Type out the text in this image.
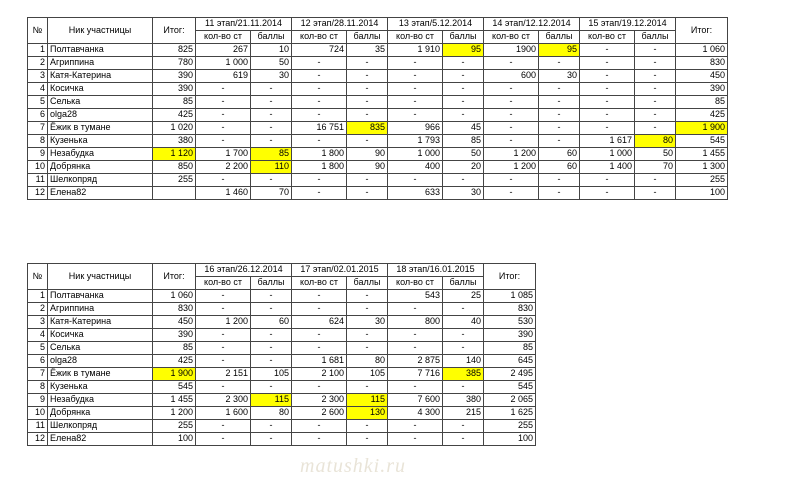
№	Ник участницы	Итог:	11 этап/21.11.2014		12 этап/28.11.2014		13 этап/5.12.2014		14 этап/12.12.2014		15 этап/19.12.2014		Итог:
			кол-во ст	баллы	кол-во ст	баллы	кол-во ст	баллы	кол-во ст	баллы	кол-во ст	баллы	
1	Полтавчанка	825	267	10	724	35	1 910	95	1900	95	-	-	1 060
2	Агриппина	780	1 000	50	-	-	-	-	-	-	-	-	830
3	Катя-Катерина	390	619	30	-	-	-	-	600	30	-	-	450
4	Косичка	390	-	-	-	-	-	-	-	-	-	-	390
5	Селька	85	-	-	-	-	-	-	-	-	-	-	85
6	olga28	425	-	-	-	-	-	-	-	-	-	-	425
7	Ёжик в тумане	1 020	-	-	16 751	835	966	45	-	-	-	-	1 900
8	Кузенька	380	-	-	-	-	1 793	85	-	-	1 617	80	545
9	Незабудка	1 120	1 700	85	1 800	90	1 000	50	1 200	60	1 000	50	1 455
10	Добрянка	850	2 200	110	1 800	90	400	20	1 200	60	1 400	70	1 300
11	Шелкопряд	255	-	-	-	-	-	-	-	-	-	-	255
12	Елена82		1 460	70	-	-	633	30	-	-	-	-	100
№	Ник участницы	Итог:	16 этап/26.12.2014		17 этап/02.01.2015		18 этап/16.01.2015		Итог:
			кол-во ст	баллы	кол-во ст	баллы	кол-во ст	баллы	
1	Полтавчанка	1 060	-	-	-	-	543	25	1 085
2	Агриппина	830	-	-	-	-	-	-	830
3	Катя-Катерина	450	1 200	60	624	30	800	40	530
4	Косичка	390	-	-	-	-	-	-	390
5	Селька	85	-	-	-	-	-	-	85
6	olga28	425	-	-	1 681	80	2 875	140	645
7	Ёжик в тумане	1 900	2 151	105	2 100	105	7 716	385	2 495
8	Кузенька	545	-	-	-	-	-	-	545
9	Незабудка	1 455	2 300	115	2 300	115	7 600	380	2 065
10	Добрянка	1 200	1 600	80	2 600	130	4 300	215	1 625
11	Шелкопряд	255	-	-	-	-	-	-	255
12	Елена82	100	-	-	-	-	-	-	100
matushki.ru
